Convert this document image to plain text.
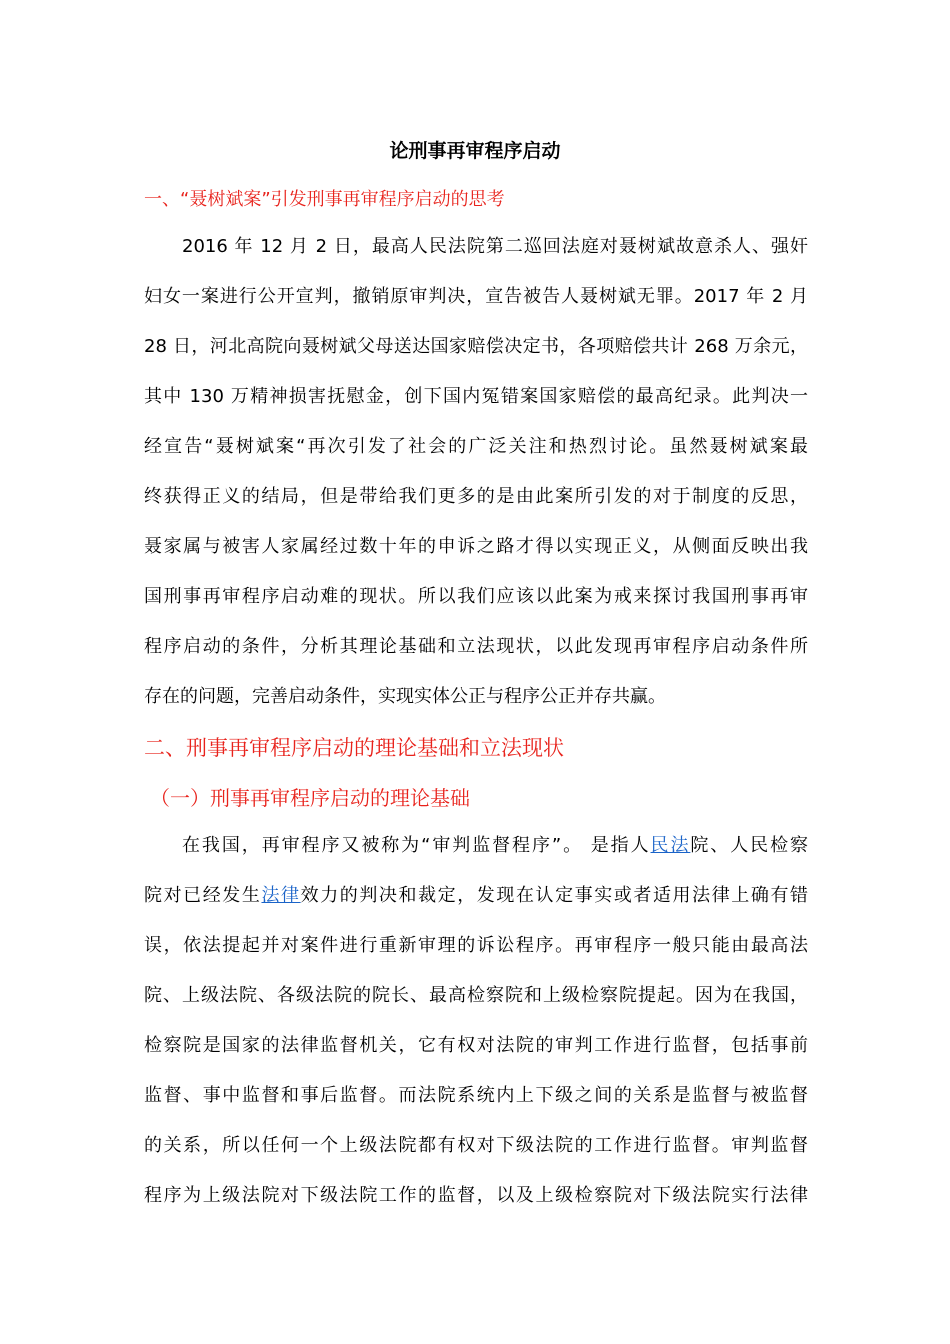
论刑事再审程序启动
一、“聂树斌案”引发刑事再审程序启动的思考
2016 年 12 月 2 日，最高人民法院第二巡回法庭对聂树斌故意杀人、强奸
妇女一案进行公开宣判，撤销原审判决，宣告被告人聂树斌无罪。2017 年 2 月
28 日，河北高院向聂树斌父母送达国家赔偿决定书，各项赔偿共计 268 万余元，
其中 130 万精神损害抚慰金，创下国内冤错案国家赔偿的最高纪录。此判决一
经宣告“聂树斌案“再次引发了社会的广泛关注和热烈讨论。虽然聂树斌案最
终获得正义的结局，但是带给我们更多的是由此案所引发的对于制度的反思，
聂家属与被害人家属经过数十年的申诉之路才得以实现正义，从侧面反映出我
国刑事再审程序启动难的现状。所以我们应该以此案为戒来探讨我国刑事再审
程序启动的条件，分析其理论基础和立法现状，以此发现再审程序启动条件所
存在的问题，完善启动条件，实现实体公正与程序公正并存共赢。
二、刑事再审程序启动的理论基础和立法现状
（一）刑事再审程序启动的理论基础
在我国，再审程序又被称为“审判监督程序”。 是指人民法院、人民检察
院对已经发生法律效力的判决和裁定，发现在认定事实或者适用法律上确有错
误，依法提起并对案件进行重新审理的诉讼程序。再审程序一般只能由最高法
院、上级法院、各级法院的院长、最高检察院和上级检察院提起。因为在我国，
检察院是国家的法律监督机关，它有权对法院的审判工作进行监督，包括事前
监督、事中监督和事后监督。而法院系统内上下级之间的关系是监督与被监督
的关系，所以任何一个上级法院都有权对下级法院的工作进行监督。审判监督
程序为上级法院对下级法院工作的监督，以及上级检察院对下级法院实行法律
